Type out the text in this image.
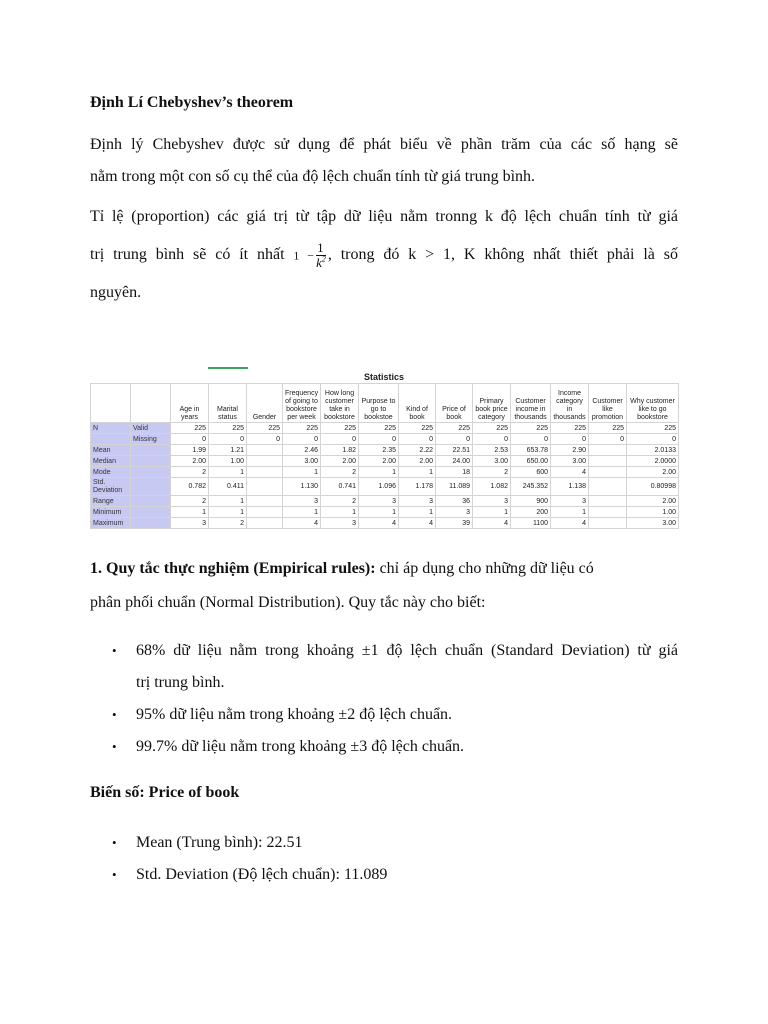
Định Lí Chebyshev’s theorem

Định lý Chebyshev được sử dụng để phát biểu về phần trăm của các số hạng sẽ
nằm trong một con số cụ thể của độ lệch chuẩn tính từ giá trung bình.

Tỉ lệ (proportion) các giá trị từ tập dữ liệu nằm tronng k độ lệch chuẩn tính từ giá
trị trung bình sẽ có ít nhất $1 - \frac{1}{k^2}$ , trong đó k > 1, K không nhất thiết phải là số
nguyên.

1. Quy tắc thực nghiệm (Empirical rules): chỉ áp dụng cho những dữ liệu có

phân phối chuẩn (Normal Distribution). Quy tắc này cho biết:

• 68% dữ liệu nằm trong khoảng ±1 độ lệch chuẩn (Standard Deviation) từ giá
trị trung bình.
• 95% dữ liệu nằm trong khoảng ±2 độ lệch chuẩn.
• 99.7% dữ liệu nằm trong khoảng ±3 độ lệch chuẩn.
Biến số: Price of book
• Mean (Trung bình): 22.51
• Std. Deviation (Độ lệch chuẩn): 11.089
Statistics
		Age in years	Marital status	Gender	Frequency of going to bookstore per week	How long customer take in bookstore	Purpose to go to bookstoe	Kind of book	Price of book	Primary book price category	Customer income in thousands	Income category in thousands	Customer like promotion	Why customer like to go bookstore
N	Valid	225	225	225	225	225	225	225	225	225	225	225	225	225
	Missing	0	0	0	0	0	0	0	0	0	0	0	0	0
Mean		1.99	1.21		2.46	1.82	2.35	2.22	22.51	2.53	653.78	2.90		2.0133
Median		2.00	1.00		3.00	2.00	2.00	2.00	24.00	3.00	650.00	3.00		2.0000
Mode		2	1		1	2	1	1	18	2	600	4		2.00
Std. Deviation		0.782	0.411		1.130	0.741	1.096	1.178	11.089	1.082	245.352	1.138		0.80998
Range		2	1		3	2	3	3	36	3	900	3		2.00
Minimum		1	1		1	1	1	1	3	1	200	1		1.00
Maximum		3	2		4	3	4	4	39	4	1100	4		3.00
